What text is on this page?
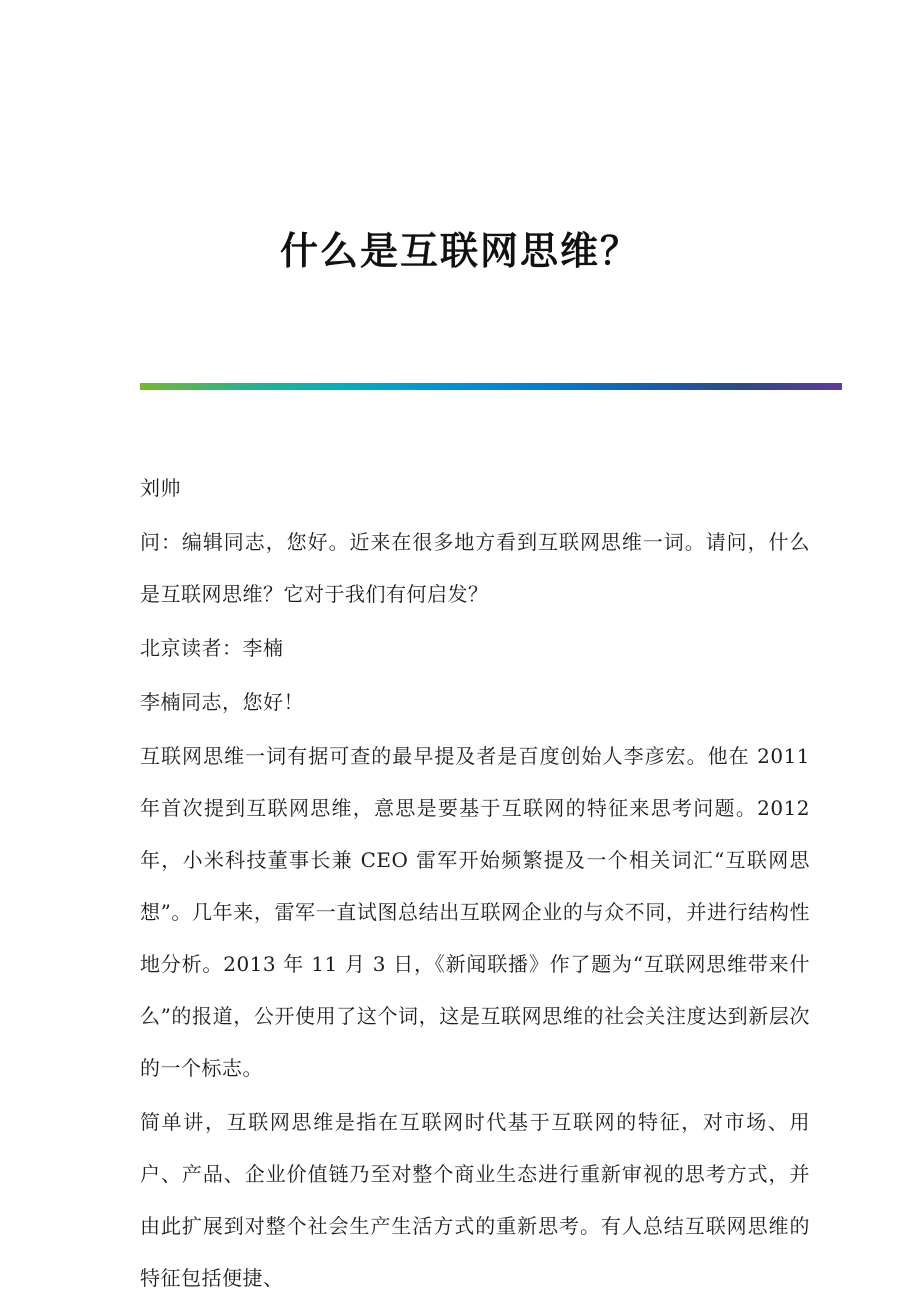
什么是互联网思维？

刘帅

问：编辑同志，您好。近来在很多地方看到互联网思维一词。请问，什么是互联网思维？它对于我们有何启发？

北京读者：李楠

李楠同志，您好！

互联网思维一词有据可查的最早提及者是百度创始人李彦宏。他在 2011 年首次提到互联网思维，意思是要基于互联网的特征来思考问题。2012 年，小米科技董事长兼 CEO 雷军开始频繁提及一个相关词汇“互联网思想”。几年来，雷军一直试图总结出互联网企业的与众不同，并进行结构性地分析。2013 年 11 月 3 日，《新闻联播》作了题为“互联网思维带来什么”的报道，公开使用了这个词，这是互联网思维的社会关注度达到新层次的一个标志。

简单讲，互联网思维是指在互联网时代基于互联网的特征，对市场、用户、产品、企业价值链乃至对整个商业生态进行重新审视的思考方式，并由此扩展到对整个社会生产生活方式的重新思考。有人总结互联网思维的特征包括便捷、
